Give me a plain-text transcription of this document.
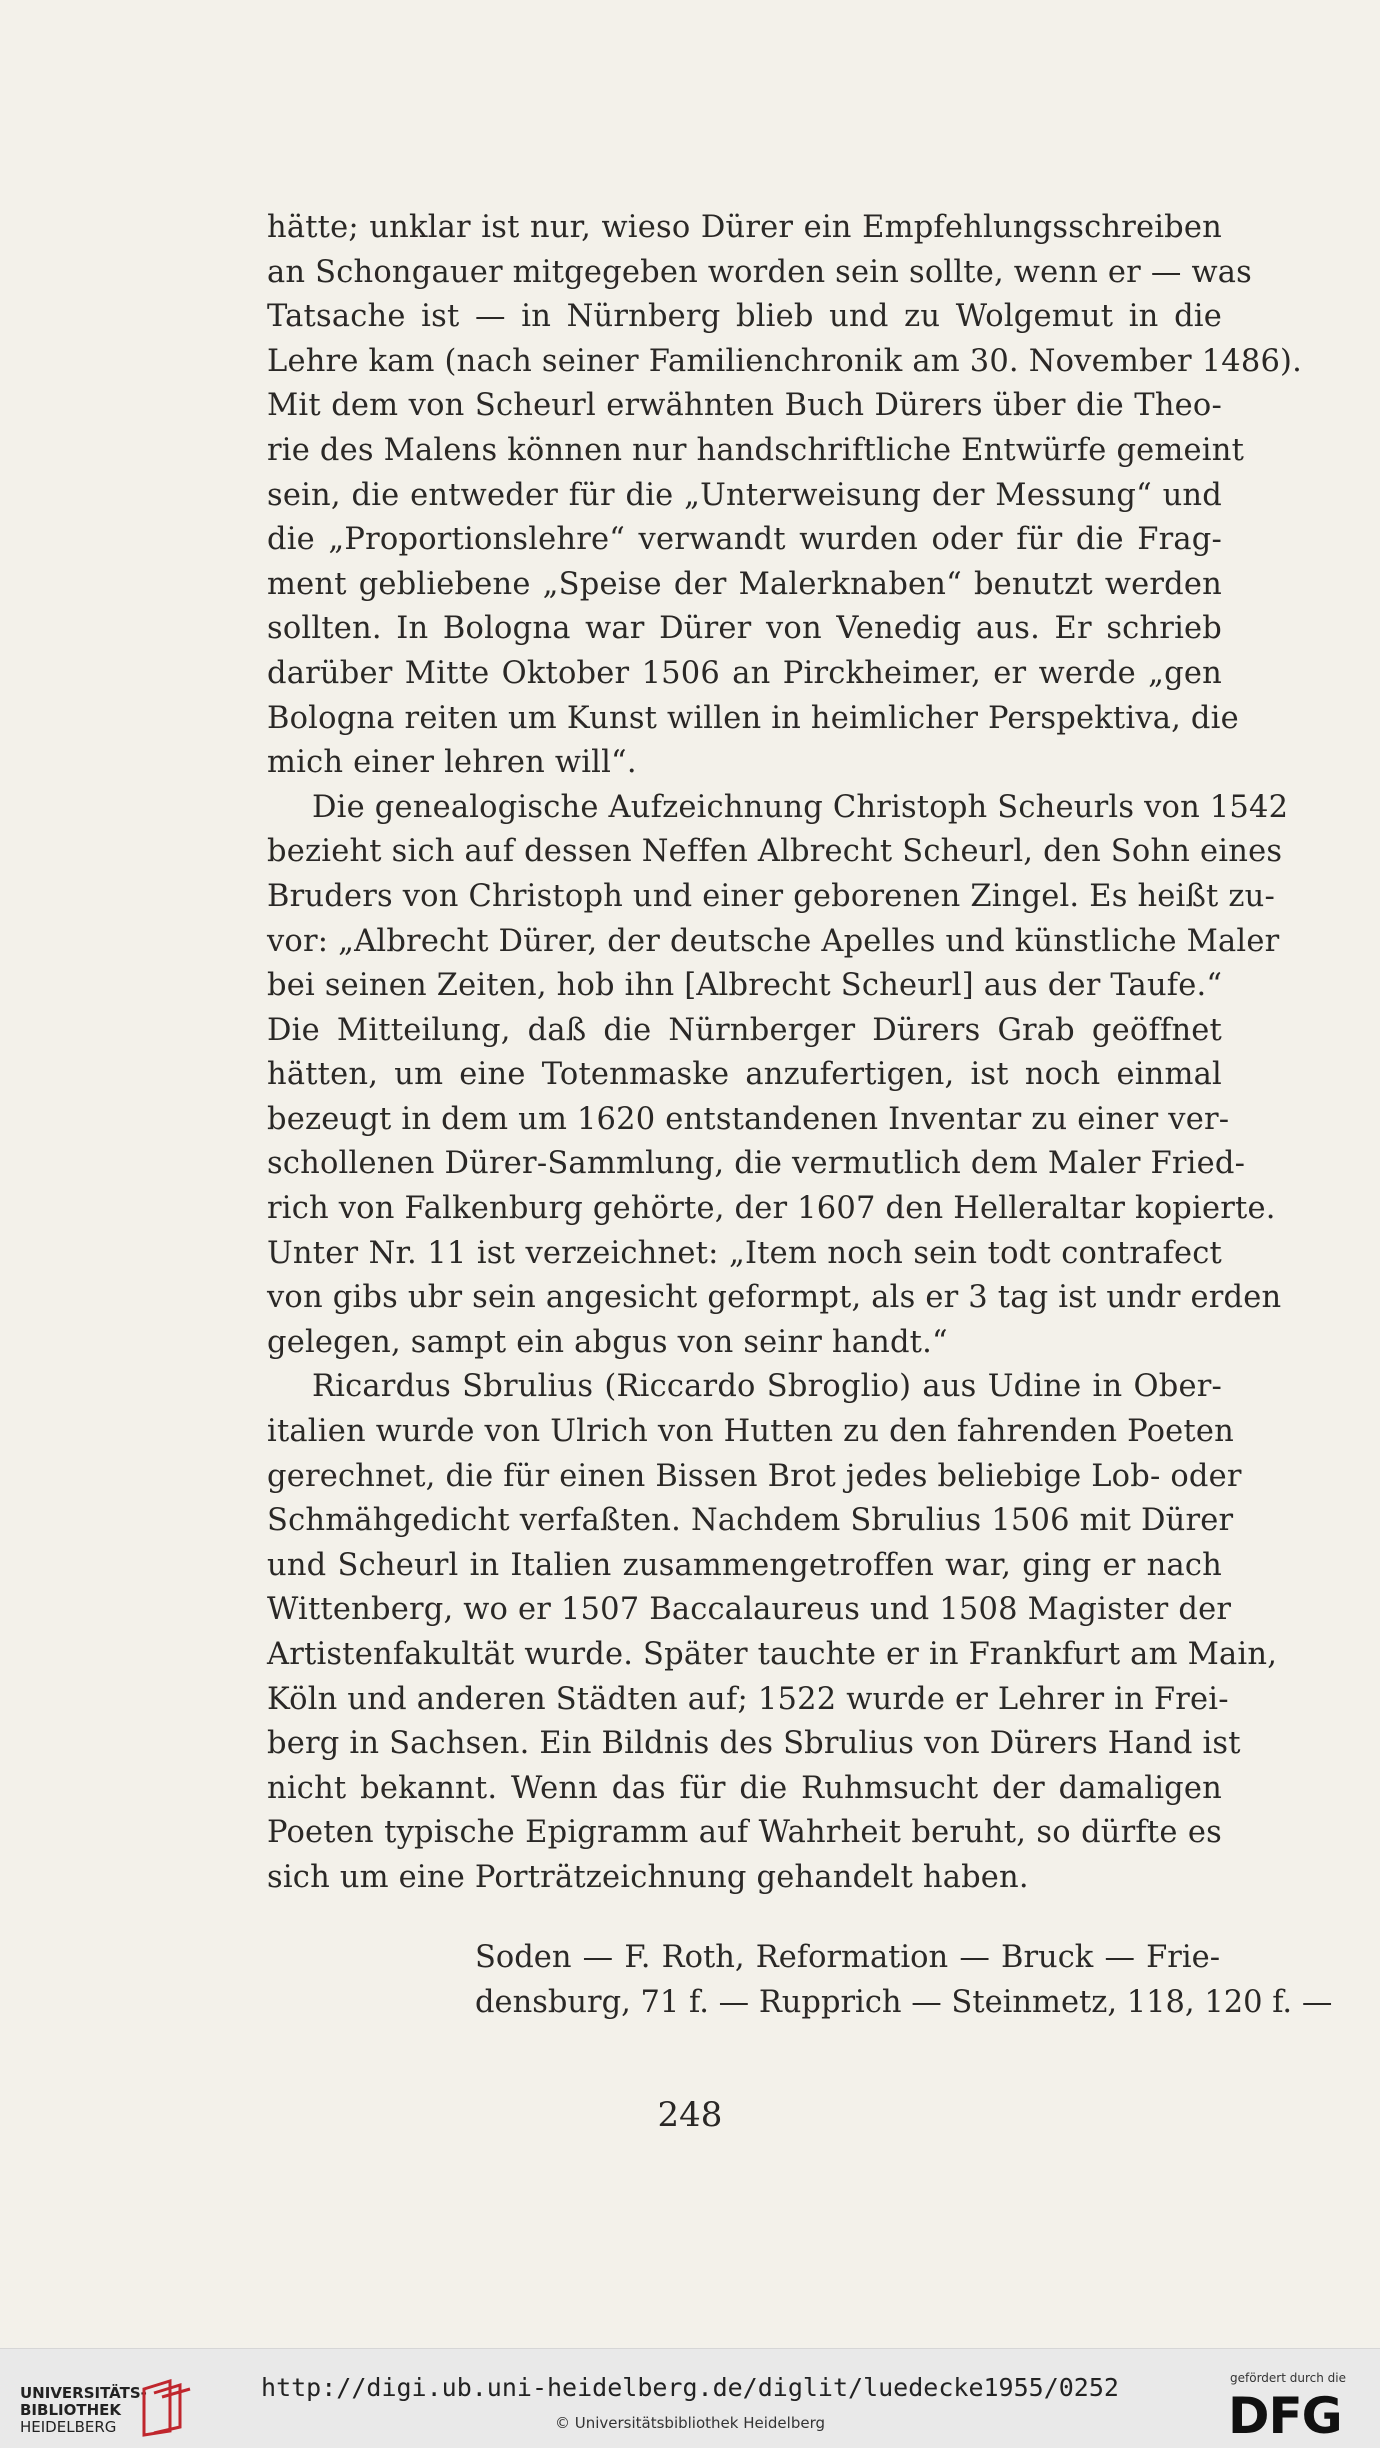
hätte; unklar ist nur, wieso Dürer ein Empfehlungsschreiben
an Schongauer mitgegeben worden sein sollte, wenn er — was
Tatsache ist — in Nürnberg blieb und zu Wolgemut in die
Lehre kam (nach seiner Familienchronik am 30. November 1486).
Mit dem von Scheurl erwähnten Buch Dürers über die Theo-
rie des Malens können nur handschriftliche Entwürfe gemeint
sein, die entweder für die „Unterweisung der Messung“ und
die „Proportionslehre“ verwandt wurden oder für die Frag-
ment gebliebene „Speise der Malerknaben“ benutzt werden
sollten. In Bologna war Dürer von Venedig aus. Er schrieb
darüber Mitte Oktober 1506 an Pirckheimer, er werde „gen
Bologna reiten um Kunst willen in heimlicher Perspektiva, die
mich einer lehren will“.

Die genealogische Aufzeichnung Christoph Scheurls von 1542
bezieht sich auf dessen Neffen Albrecht Scheurl, den Sohn eines
Bruders von Christoph und einer geborenen Zingel. Es heißt zu-
vor: „Albrecht Dürer, der deutsche Apelles und künstliche Maler
bei seinen Zeiten, hob ihn [Albrecht Scheurl] aus der Taufe.“
Die Mitteilung, daß die Nürnberger Dürers Grab geöffnet
hätten, um eine Totenmaske anzufertigen, ist noch einmal
bezeugt in dem um 1620 entstandenen Inventar zu einer ver-
schollenen Dürer-Sammlung, die vermutlich dem Maler Fried-
rich von Falkenburg gehörte, der 1607 den Helleraltar kopierte.
Unter Nr. 11 ist verzeichnet: „Item noch sein todt contrafect
von gibs ubr sein angesicht geformpt, als er 3 tag ist undr erden
gelegen, sampt ein abgus von seinr handt.“

Ricardus Sbrulius (Riccardo Sbroglio) aus Udine in Ober-
italien wurde von Ulrich von Hutten zu den fahrenden Poeten
gerechnet, die für einen Bissen Brot jedes beliebige Lob- oder
Schmähgedicht verfaßten. Nachdem Sbrulius 1506 mit Dürer
und Scheurl in Italien zusammengetroffen war, ging er nach
Wittenberg, wo er 1507 Baccalaureus und 1508 Magister der
Artistenfakultät wurde. Später tauchte er in Frankfurt am Main,
Köln und anderen Städten auf; 1522 wurde er Lehrer in Frei-
berg in Sachsen. Ein Bildnis des Sbrulius von Dürers Hand ist
nicht bekannt. Wenn das für die Ruhmsucht der damaligen
Poeten typische Epigramm auf Wahrheit beruht, so dürfte es
sich um eine Porträtzeichnung gehandelt haben.

Soden — F. Roth, Reformation — Bruck — Frie-
densburg, 71 f. — Rupprich — Steinmetz, 118, 120 f. —
248
UNIVERSITÄTS-
BIBLIOTHEK
HEIDELBERG
http://digi.ub.uni-heidelberg.de/diglit/luedecke1955/0252
© Universitätsbibliothek Heidelberg
gefördert durch die
DFG
